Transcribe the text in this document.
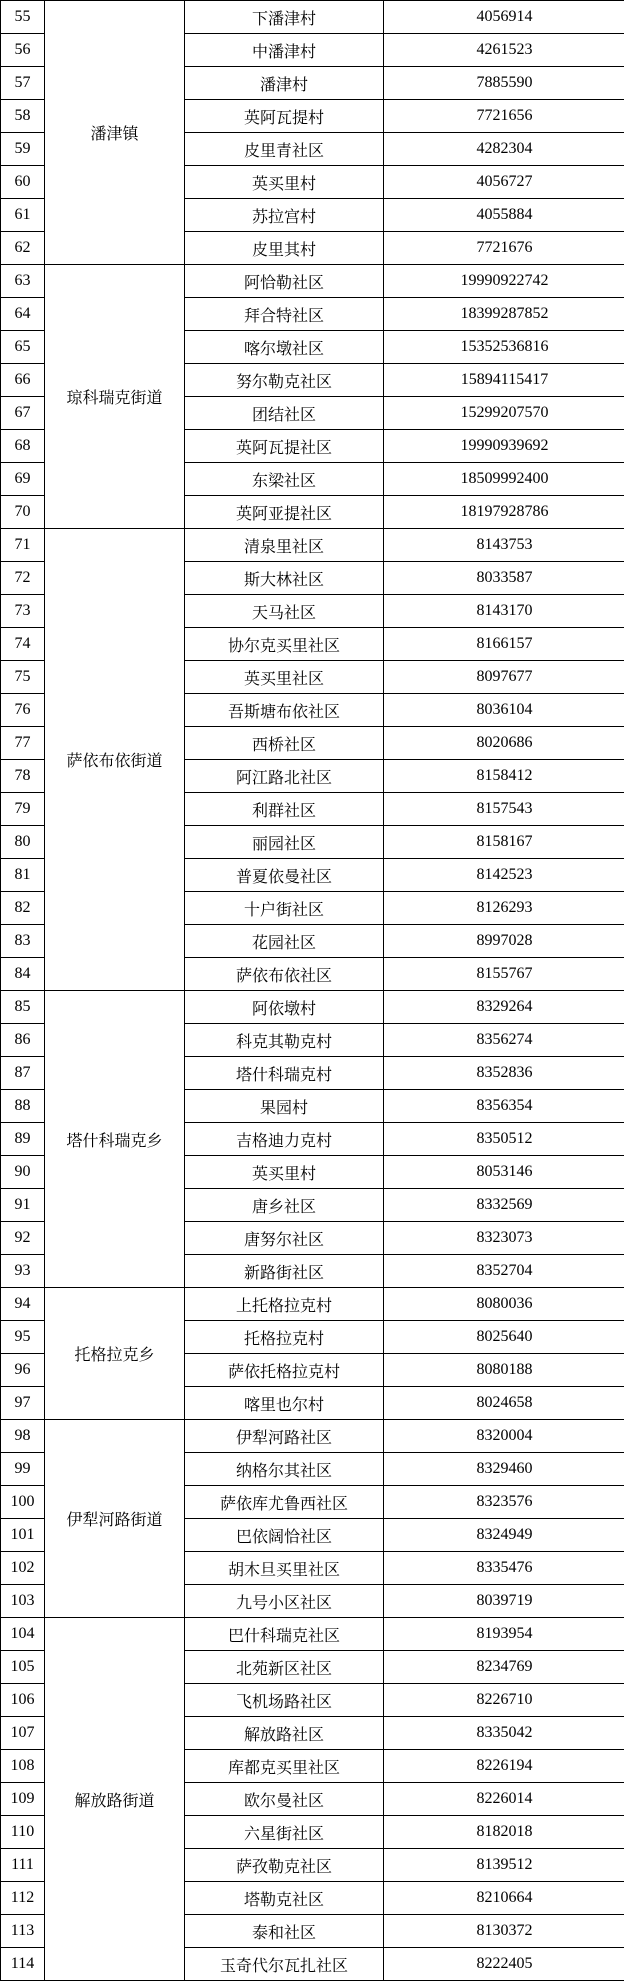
55	潘津镇	下潘津村	4056914
56		中潘津村	4261523
57		潘津村	7885590
58		英阿瓦提村	7721656
59		皮里青社区	4282304
60		英买里村	4056727
61		苏拉宫村	4055884
62		皮里其村	7721676
63	琼科瑞克街道	阿恰勒社区	19990922742
64		拜合特社区	18399287852
65		喀尔墩社区	15352536816
66		努尔勒克社区	15894115417
67		团结社区	15299207570
68		英阿瓦提社区	19990939692
69		东梁社区	18509992400
70		英阿亚提社区	18197928786
71	萨依布依街道	清泉里社区	8143753
72		斯大林社区	8033587
73		天马社区	8143170
74		协尔克买里社区	8166157
75		英买里社区	8097677
76		吾斯塘布依社区	8036104
77		西桥社区	8020686
78		阿江路北社区	8158412
79		利群社区	8157543
80		丽园社区	8158167
81		普夏依曼社区	8142523
82		十户街社区	8126293
83		花园社区	8997028
84		萨依布依社区	8155767
85	塔什科瑞克乡	阿依墩村	8329264
86		科克其勒克村	8356274
87		塔什科瑞克村	8352836
88		果园村	8356354
89		吉格迪力克村	8350512
90		英买里村	8053146
91		唐乡社区	8332569
92		唐努尔社区	8323073
93		新路街社区	8352704
94	托格拉克乡	上托格拉克村	8080036
95		托格拉克村	8025640
96		萨依托格拉克村	8080188
97		喀里也尔村	8024658
98	伊犁河路街道	伊犁河路社区	8320004
99		纳格尔其社区	8329460
100		萨依库尤鲁西社区	8323576
101		巴依阔恰社区	8324949
102		胡木旦买里社区	8335476
103		九号小区社区	8039719
104	解放路街道	巴什科瑞克社区	8193954
105		北苑新区社区	8234769
106		飞机场路社区	8226710
107		解放路社区	8335042
108		库都克买里社区	8226194
109		欧尔曼社区	8226014
110		六星街社区	8182018
111		萨孜勒克社区	8139512
112		塔勒克社区	8210664
113		泰和社区	8130372
114		玉奇代尔瓦扎社区	8222405
